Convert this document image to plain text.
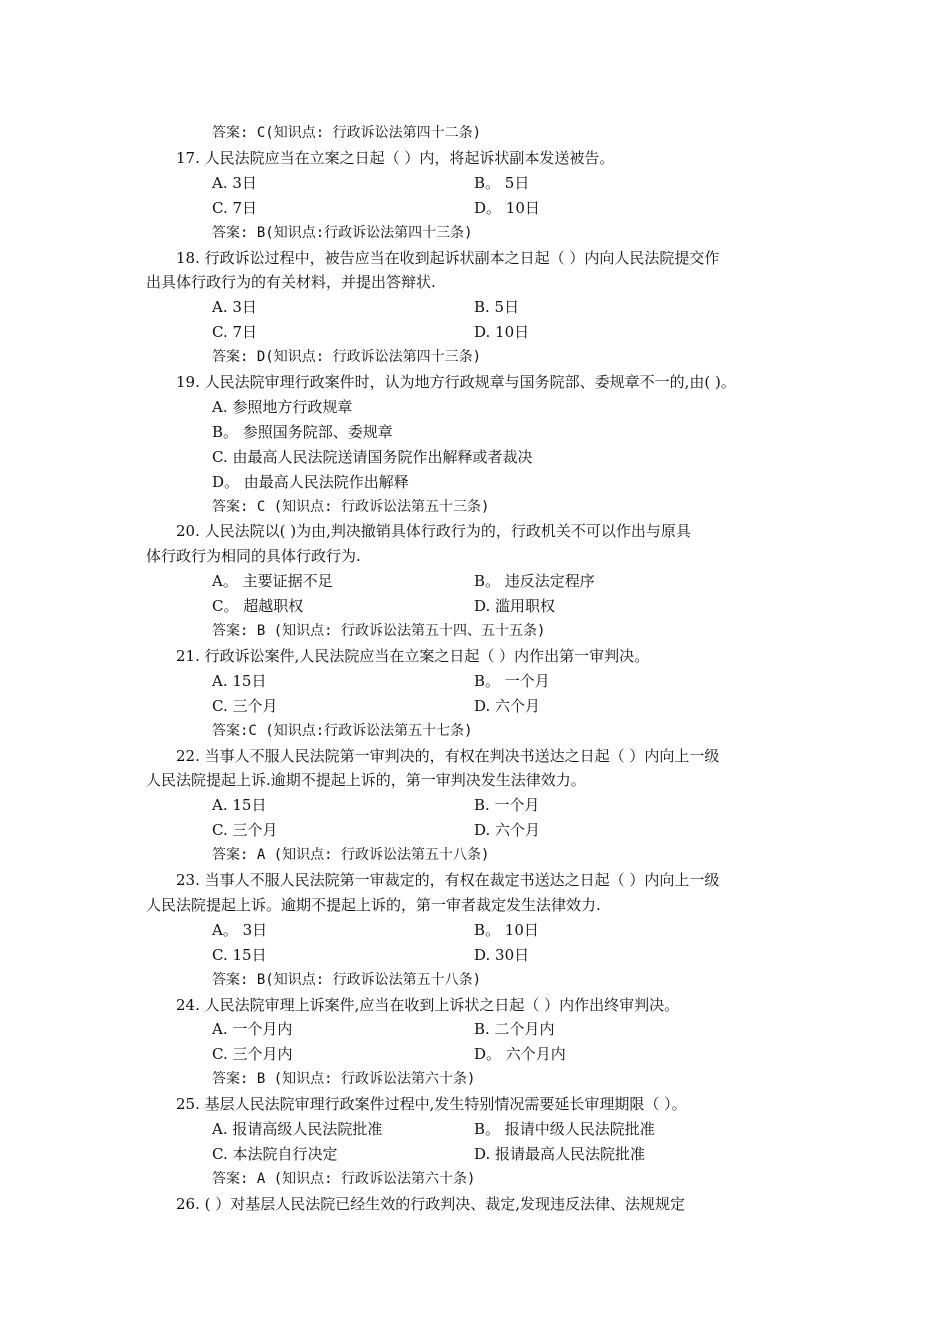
答案: C(知识点: 行政诉讼法第四十二条)
17. 人民法院应当在立案之日起（ ）内，将起诉状副本发送被告。
A. 3日	B。 5日
C. 7日	D。 10日
答案: B(知识点:行政诉讼法第四十三条)
18. 行政诉讼过程中，被告应当在收到起诉状副本之日起（ ）内向人民法院提交作
出具体行政行为的有关材料，并提出答辩状.
A. 3日	B. 5日
C. 7日	D. 10日
答案: D(知识点: 行政诉讼法第四十三条)
19. 人民法院审理行政案件时，认为地方行政规章与国务院部、委规章不一的,由( )。
A. 参照地方行政规章
B。 参照国务院部、委规章
C. 由最高人民法院送请国务院作出解释或者裁决
D。 由最高人民法院作出解释
答案: C (知识点: 行政诉讼法第五十三条)
20. 人民法院以( )为由,判决撤销具体行政行为的，行政机关不可以作出与原具
体行政行为相同的具体行政行为.
A。 主要证据不足	B。 违反法定程序
C。 超越职权	D. 滥用职权
答案: B (知识点: 行政诉讼法第五十四、五十五条)
21. 行政诉讼案件,人民法院应当在立案之日起（ ）内作出第一审判决。
A. 15日	B。 一个月
C. 三个月	D. 六个月
答案:C (知识点:行政诉讼法第五十七条)
22. 当事人不服人民法院第一审判决的，有权在判决书送达之日起（ ）内向上一级
人民法院提起上诉.逾期不提起上诉的，第一审判决发生法律效力。
A. 15日	B. 一个月
C. 三个月	D. 六个月
答案: A (知识点: 行政诉讼法第五十八条)
23. 当事人不服人民法院第一审裁定的，有权在裁定书送达之日起（ ）内向上一级
人民法院提起上诉。逾期不提起上诉的，第一审者裁定发生法律效力.
A。 3日	B。 10日
C. 15日	D. 30日
答案: B(知识点: 行政诉讼法第五十八条)
24. 人民法院审理上诉案件,应当在收到上诉状之日起（ ）内作出终审判决。
A. 一个月内	B. 二个月内
C. 三个月内	D。 六个月内
答案: B (知识点: 行政诉讼法第六十条)
25. 基层人民法院审理行政案件过程中,发生特别情况需要延长审理期限（ ）。
A. 报请高级人民法院批准	B。 报请中级人民法院批准
C. 本法院自行决定	D. 报请最高人民法院批准
答案: A (知识点: 行政诉讼法第六十条)
26. ( ）对基层人民法院已经生效的行政判决、裁定,发现违反法律、法规规定
